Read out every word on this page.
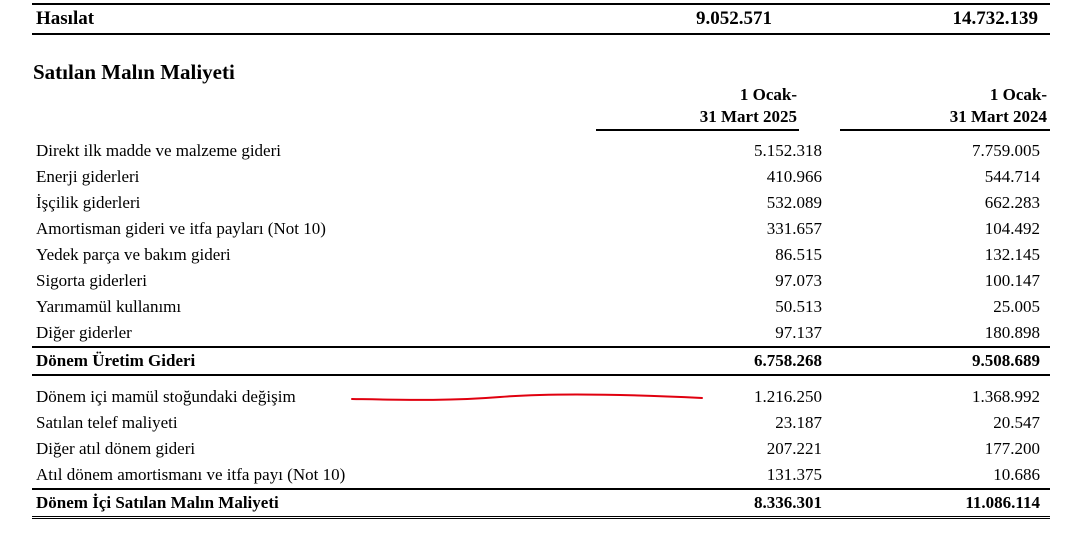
Hasılat	9.052.571	14.732.139
Satılan Malın Maliyeti
1 Ocak-
31 Mart 2025
1 Ocak-
31 Mart 2024
Direkt ilk madde ve malzeme gideri	5.152.318	7.759.005
Enerji giderleri	410.966	544.714
İşçilik giderleri	532.089	662.283
Amortisman gideri ve itfa payları (Not 10)	331.657	104.492
Yedek parça ve bakım gideri	86.515	132.145
Sigorta giderleri	97.073	100.147
Yarımamül kullanımı	50.513	25.005
Diğer giderler	97.137	180.898
Dönem Üretim Gideri	6.758.268	9.508.689
Dönem içi mamül stoğundaki değişim	1.216.250	1.368.992
Satılan telef maliyeti	23.187	20.547
Diğer atıl dönem gideri	207.221	177.200
Atıl dönem amortismanı ve itfa payı (Not 10)	131.375	10.686
Dönem İçi Satılan Malın Maliyeti	8.336.301	11.086.114
